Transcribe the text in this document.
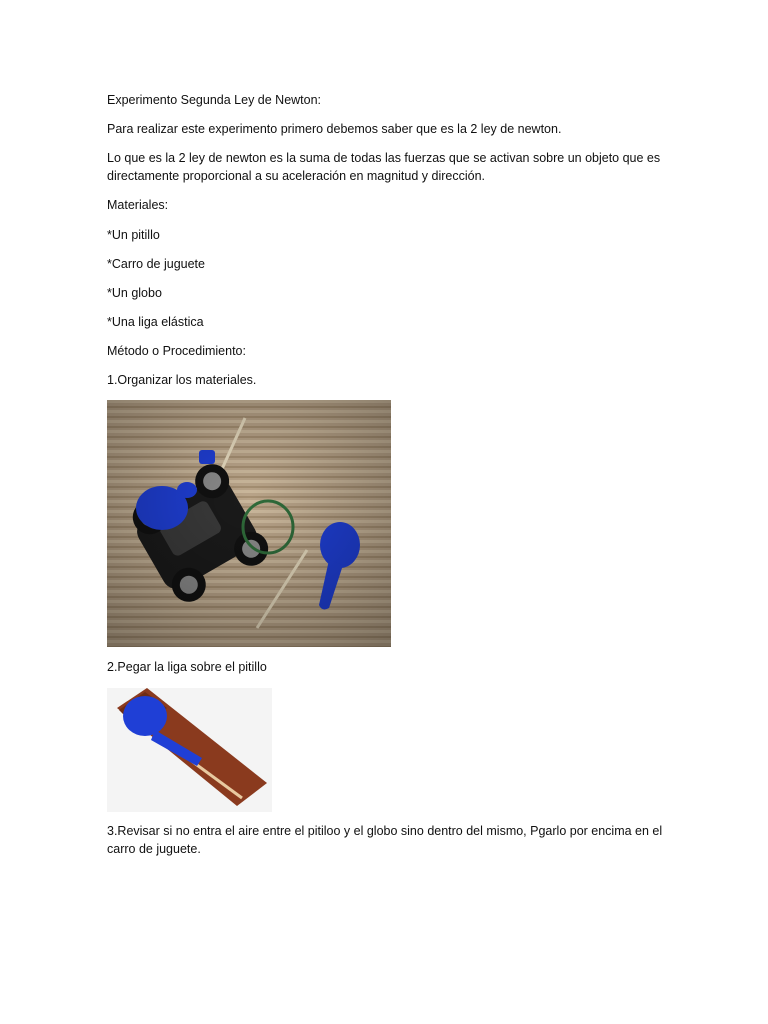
Experimento Segunda Ley de Newton:

Para realizar este experimento primero debemos saber que es la 2 ley de newton.

Lo que es la 2 ley de newton es la suma de todas las fuerzas que se activan sobre un objeto que es directamente proporcional a su aceleración en magnitud y dirección.

Materiales:

*Un pitillo

*Carro de juguete

*Un globo

*Una liga elástica

Método o Procedimiento:

1.Organizar los materiales.

2.Pegar la liga sobre el pitillo

3.Revisar si no entra el aire entre el pitiloo y el globo sino dentro del mismo, Pgarlo por encima en el carro de juguete.
